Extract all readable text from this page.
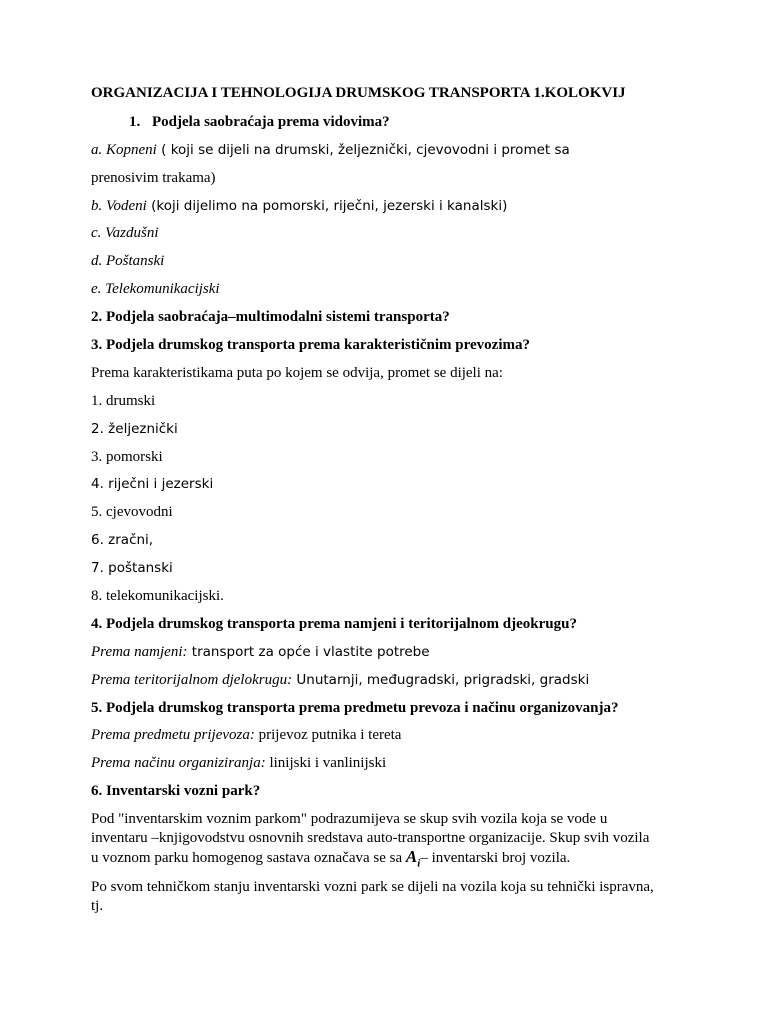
ORGANIZACIJA I TEHNOLOGIJA DRUMSKOG TRANSPORTA 1.KOLOKVIJ
1. Podjela saobraćaja prema vidovima?
a. Kopneni ( koji se dijeli na drumski, željeznički, cjevovodni i promet sa
prenosivim trakama)
b. Vodeni (koji dijelimo na pomorski, riječni, jezerski i kanalski)
c. Vazdušni
d. Poštanski
e. Telekomunikacijski
2. Podjela saobraćaja–multimodalni sistemi transporta?
3. Podjela drumskog transporta prema karakterističnim prevozima?
Prema karakteristikama puta po kojem se odvija, promet se dijeli na:
1. drumski
2. željeznički
3. pomorski
4. riječni i jezerski
5. cjevovodni
6. zračni,
7. poštanski
8. telekomunikacijski.
4. Podjela drumskog transporta prema namjeni i teritorijalnom djeokrugu?
Prema namjeni: transport za opće i vlastite potrebe
Prema teritorijalnom djelokrugu: Unutarnji, međugradski, prigradski, gradski
5. Podjela drumskog transporta prema predmetu prevoza i načinu organizovanja?
Prema predmetu prijevoza: prijevoz putnika i tereta
Prema načinu organiziranja: linijski i vanlinijski
6. Inventarski vozni park?
Pod "inventarskim voznim parkom" podrazumijeva se skup svih vozila koja se vode u
inventaru –knjigovodstvu osnovnih sredstava auto-transportne organizacije. Skup svih vozila
u voznom parku homogenog sastava označava se sa $A_i-$ inventarski broj vozila.
Po svom tehničkom stanju inventarski vozni park se dijeli na vozila koja su tehnički ispravna,
tj.
